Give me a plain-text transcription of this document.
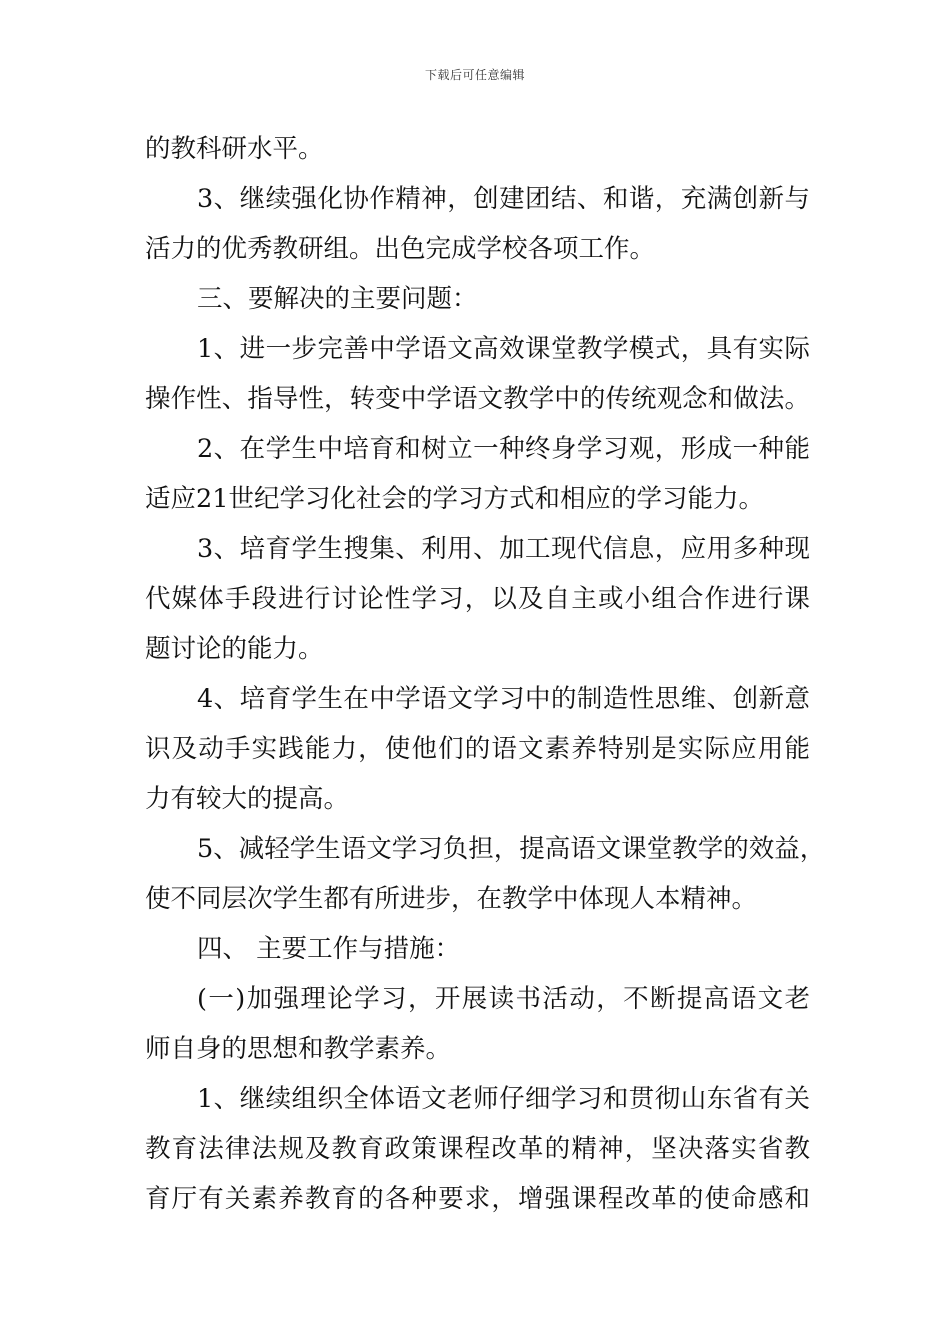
下载后可任意编辑
的教科研水平。
3、继续强化协作精神，创建团结、和谐，充满创新与
活力的优秀教研组。出色完成学校各项工作。
三、要解决的主要问题：
1、进一步完善中学语文高效课堂教学模式，具有实际
操作性、指导性，转变中学语文教学中的传统观念和做法。
2、在学生中培育和树立一种终身学习观，形成一种能
适应21世纪学习化社会的学习方式和相应的学习能力。
3、培育学生搜集、利用、加工现代信息，应用多种现
代媒体手段进行讨论性学习，以及自主或小组合作进行课
题讨论的能力。
4、培育学生在中学语文学习中的制造性思维、创新意
识及动手实践能力，使他们的语文素养特别是实际应用能
力有较大的提高。
5、减轻学生语文学习负担，提高语文课堂教学的效益，
使不同层次学生都有所进步，在教学中体现人本精神。
四、 主要工作与措施：
(一)加强理论学习，开展读书活动，不断提高语文老
师自身的思想和教学素养。
1、继续组织全体语文老师仔细学习和贯彻山东省有关
教育法律法规及教育政策课程改革的精神，坚决落实省教
育厅有关素养教育的各种要求，增强课程改革的使命感和
